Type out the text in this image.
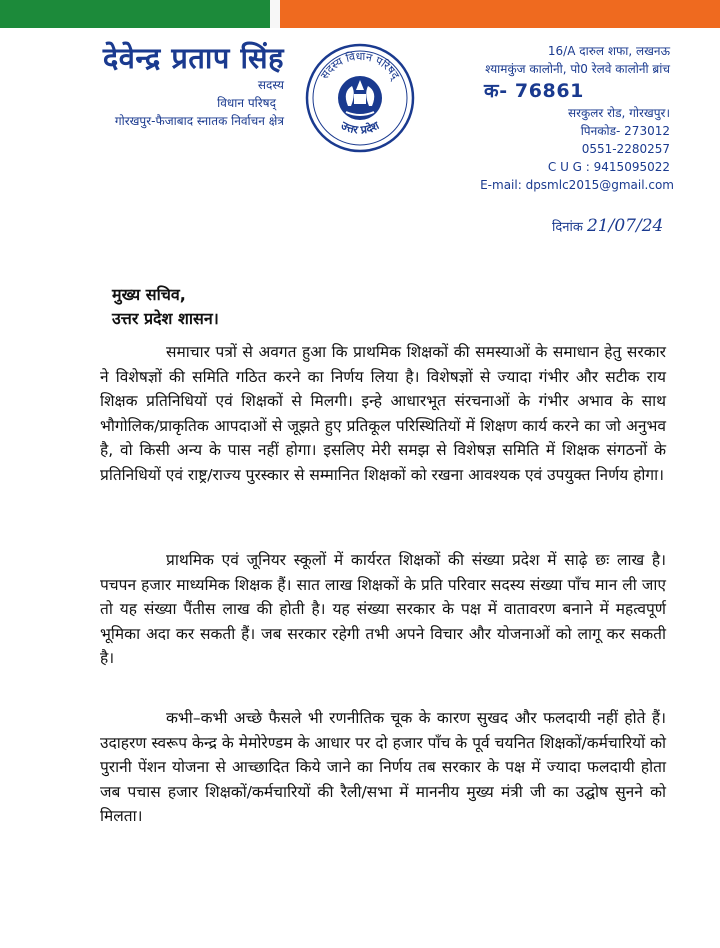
देवेन्द्र प्रताप सिंह
सदस्य
विधान परिषद्
गोरखपुर-फैजाबाद स्नातक निर्वाचन क्षेत्र
सदस्य विधान परिषद्
उत्तर प्रदेश
16/A दारुल शफा, लखनऊ
श्यामकुंज कालोनी, पो0 रेलवे कालोनी ब्रांच
क- 76861
सरकुलर रोड, गोरखपुर।
पिनकोड- 273012
0551-2280257
C U G : 9415095022
E-mail: dpsmlc2015@gmail.com
दिनांक 21/07/24
मुख्य सचिव,
उत्तर प्रदेश शासन।
समाचार पत्रों से अवगत हुआ कि प्राथमिक शिक्षकों की समस्याओं के समाधान हेतु सरकार ने विशेषज्ञों की समिति गठित करने का निर्णय लिया है। विशेषज्ञों से ज्यादा गंभीर और सटीक राय शिक्षक प्रतिनिधियों एवं शिक्षकों से मिलगी। इन्हे आधारभूत संरचनाओं के गंभीर अभाव के साथ भौगोलिक/प्राकृतिक आपदाओं से जूझते हुए प्रतिकूल परिस्थितियों में शिक्षण कार्य करने का जो अनुभव है, वो किसी अन्य के पास नहीं होगा। इसलिए मेरी समझ से विशेषज्ञ समिति में शिक्षक संगठनों के प्रतिनिधियों एवं राष्ट्र/राज्य पुरस्कार से सम्मानित शिक्षकों को रखना आवश्यक एवं उपयुक्त निर्णय होगा।
प्राथमिक एवं जूनियर स्कूलों में कार्यरत शिक्षकों की संख्या प्रदेश में साढ़े छः लाख है। पचपन हजार माध्यमिक शिक्षक हैं। सात लाख शिक्षकों के प्रति परिवार सदस्य संख्या पाँच मान ली जाए तो यह संख्या पैंतीस लाख की होती है। यह संख्या सरकार के पक्ष में वातावरण बनाने में महत्वपूर्ण भूमिका अदा कर सकती हैं। जब सरकार रहेगी तभी अपने विचार और योजनाओं को लागू कर सकती है।
कभी–कभी अच्छे फैसले भी रणनीतिक चूक के कारण सुखद और फलदायी नहीं होते हैं। उदाहरण स्वरूप केन्द्र के मेमोरेण्डम के आधार पर दो हजार पाँच के पूर्व चयनित शिक्षकों/कर्मचारियों को पुरानी पेंशन योजना से आच्छादित किये जाने का निर्णय तब सरकार के पक्ष में ज्यादा फलदायी होता जब पचास हजार शिक्षकों/कर्मचारियों की रैली/सभा में माननीय मुख्य मंत्री जी का उद्घोष सुनने को मिलता।
